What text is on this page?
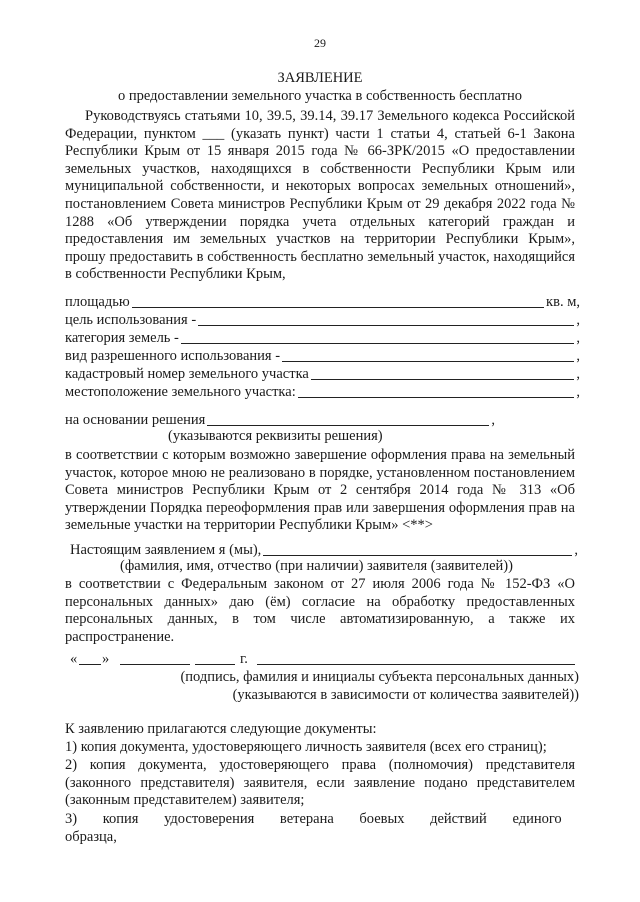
29
ЗАЯВЛЕНИЕ
о предоставлении земельного участка в собственность бесплатно
Руководствуясь статьями 10, 39.5, 39.14, 39.17 Земельного кодекса Российской Федерации, пунктом ___ (указать пункт) части 1 статьи 4, статьей 6-1 Закона Республики Крым от 15 января 2015 года № 66-ЗРК/2015 «О предоставлении земельных участков, находящихся в собственности Республики Крым или муниципальной собственности, и некоторых вопросах земельных отношений», постановлением Совета министров Республики Крым от 29 декабря 2022 года № 1288 «Об утверждении порядка учета отдельных категорий граждан и предоставления им земельных участков на территории Республики Крым», прошу предоставить в собственность бесплатно земельный участок, находящийся в собственности Республики Крым,
площадью	кв. м,
цель использования -	,
категория земель -	,
вид разрешенного использования -	,
кадастровый номер земельного участка	,
местоположение земельного участка:	,
на основании решения	,
(указываются реквизиты решения)
в соответствии с которым возможно завершение оформления права на земельный участок, которое мною не реализовано в порядке, установленном постановлением Совета министров Республики Крым от 2 сентября 2014 года № 313 «Об утверждении Порядка переоформления прав или завершения оформления прав на земельные участки на территории Республики Крым» <**>
Настоящим заявлением я (мы),	,
(фамилия, имя, отчество (при наличии) заявителя (заявителей))
в соответствии с Федеральным законом от 27 июля 2006 года № 152-ФЗ «О персональных данных» даю (ём) согласие на обработку предоставленных персональных данных, в том числе автоматизированную, а также их распространение.
« »	г.
(подпись, фамилия и инициалы субъекта персональных данных)
(указываются в зависимости от количества заявителей))
К заявлению прилагаются следующие документы:
1) копия документа, удостоверяющего личность заявителя (всех его страниц);
2) копия документа, удостоверяющего права (полномочия) представителя (законного представителя) заявителя, если заявление подано представителем (законным представителем) заявителя;
3) копия удостоверения ветерана боевых действий единого образца,
